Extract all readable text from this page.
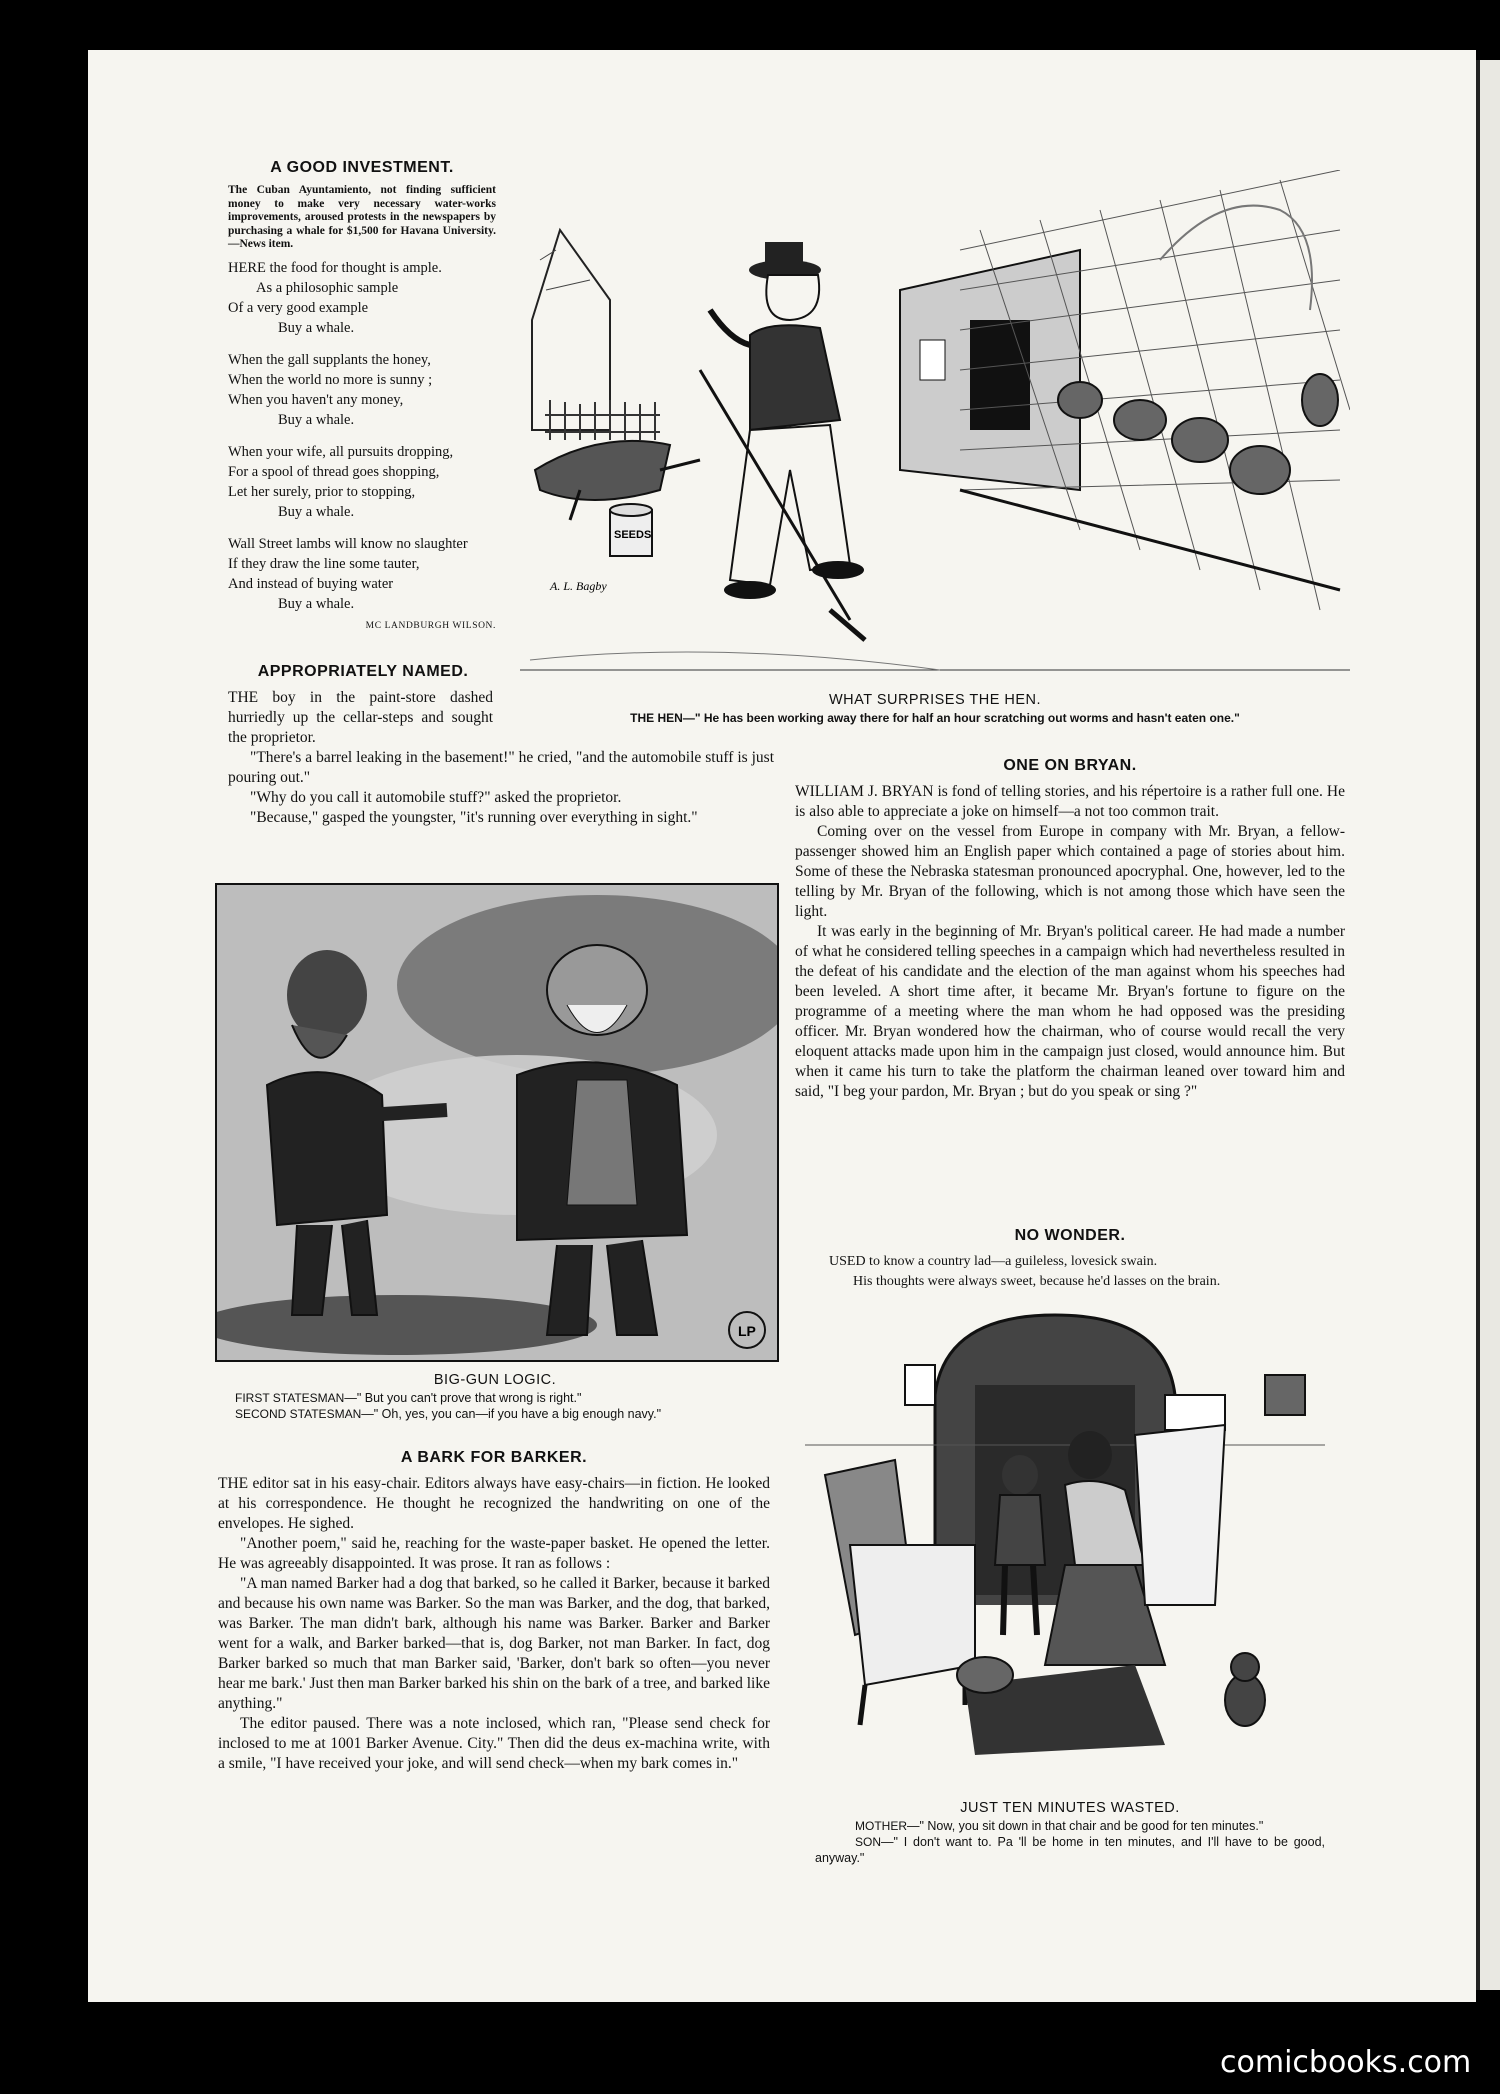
A GOOD INVESTMENT.

The Cuban Ayuntamiento, not finding sufficient money to make very necessary water-works improvements, aroused protests in the newspapers by purchasing a whale for $1,500 for Havana University.—News item.

HERE the food for thought is ample.
As a philosophic sample
Of a very good example
Buy a whale.
When the gall supplants the honey,
When the world no more is sunny ;
When you haven't any money,
Buy a whale.
When your wife, all pursuits dropping,
For a spool of thread goes shopping,
Let her surely, prior to stopping,
Buy a whale.
Wall Street lambs will know no slaughter
If they draw the line some tauter,
And instead of buying water
Buy a whale.
MC LANDBURGH WILSON.
APPROPRIATELY NAMED.

THE boy in the paint-store dashed hurriedly up the cellar-steps and sought the proprietor.

"There's a barrel leaking in the basement!" he cried, "and the automobile stuff is just pouring out."

"Why do you call it automobile stuff?" asked the proprietor.

"Because," gasped the youngster, "it's running over everything in sight."

SEEDS
A. L. Bagby
WHAT SURPRISES THE HEN.
THE HEN—" He has been working away there for half an hour scratching out worms and hasn't eaten one."
ONE ON BRYAN.

WILLIAM J. BRYAN is fond of telling stories, and his répertoire is a rather full one. He is also able to appreciate a joke on himself—a not too common trait.

Coming over on the vessel from Europe in company with Mr. Bryan, a fellow-passenger showed him an English paper which contained a page of stories about him. Some of these the Nebraska statesman pronounced apocryphal. One, however, led to the telling by Mr. Bryan of the following, which is not among those which have seen the light.

It was early in the beginning of Mr. Bryan's political career. He had made a number of what he considered telling speeches in a campaign which had nevertheless resulted in the defeat of his candidate and the election of the man against whom his speeches had been leveled. A short time after, it became Mr. Bryan's fortune to figure on the programme of a meeting where the man whom he had opposed was the presiding officer. Mr. Bryan wondered how the chairman, who of course would recall the very eloquent attacks made upon him in the campaign just closed, would announce him. But when it came his turn to take the platform the chairman leaned over toward him and said, "I beg your pardon, Mr. Bryan ; but do you speak or sing ?"

NO WONDER.
USED to know a country lad—a guileless, lovesick swain.
His thoughts were always sweet, because he'd lasses on the brain.
LP
BIG-GUN LOGIC.
FIRST STATESMAN—" But you can't prove that wrong is right."
SECOND STATESMAN—" Oh, yes, you can—if you have a big enough navy."
A BARK FOR BARKER.

THE editor sat in his easy-chair. Editors always have easy-chairs—in fiction. He looked at his correspondence. He thought he recognized the handwriting on one of the envelopes. He sighed.

"Another poem," said he, reaching for the waste-paper basket. He opened the letter. He was agreeably disappointed. It was prose. It ran as follows :

"A man named Barker had a dog that barked, so he called it Barker, because it barked and because his own name was Barker. So the man was Barker, and the dog, that barked, was Barker. The man didn't bark, although his name was Barker. Barker and Barker went for a walk, and Barker barked—that is, dog Barker, not man Barker. In fact, dog Barker barked so much that man Barker said, 'Barker, don't bark so often—you never hear me bark.' Just then man Barker barked his shin on the bark of a tree, and barked like anything."

The editor paused. There was a note inclosed, which ran, "Please send check for inclosed to me at 1001 Barker Avenue. City." Then did the deus ex-machina write, with a smile, "I have received your joke, and will send check—when my bark comes in."

JUST TEN MINUTES WASTED.
MOTHER—" Now, you sit down in that chair and be good for ten minutes."
SON—" I don't want to. Pa 'll be home in ten minutes, and I'll have to be good, anyway."
comicbooks.com
